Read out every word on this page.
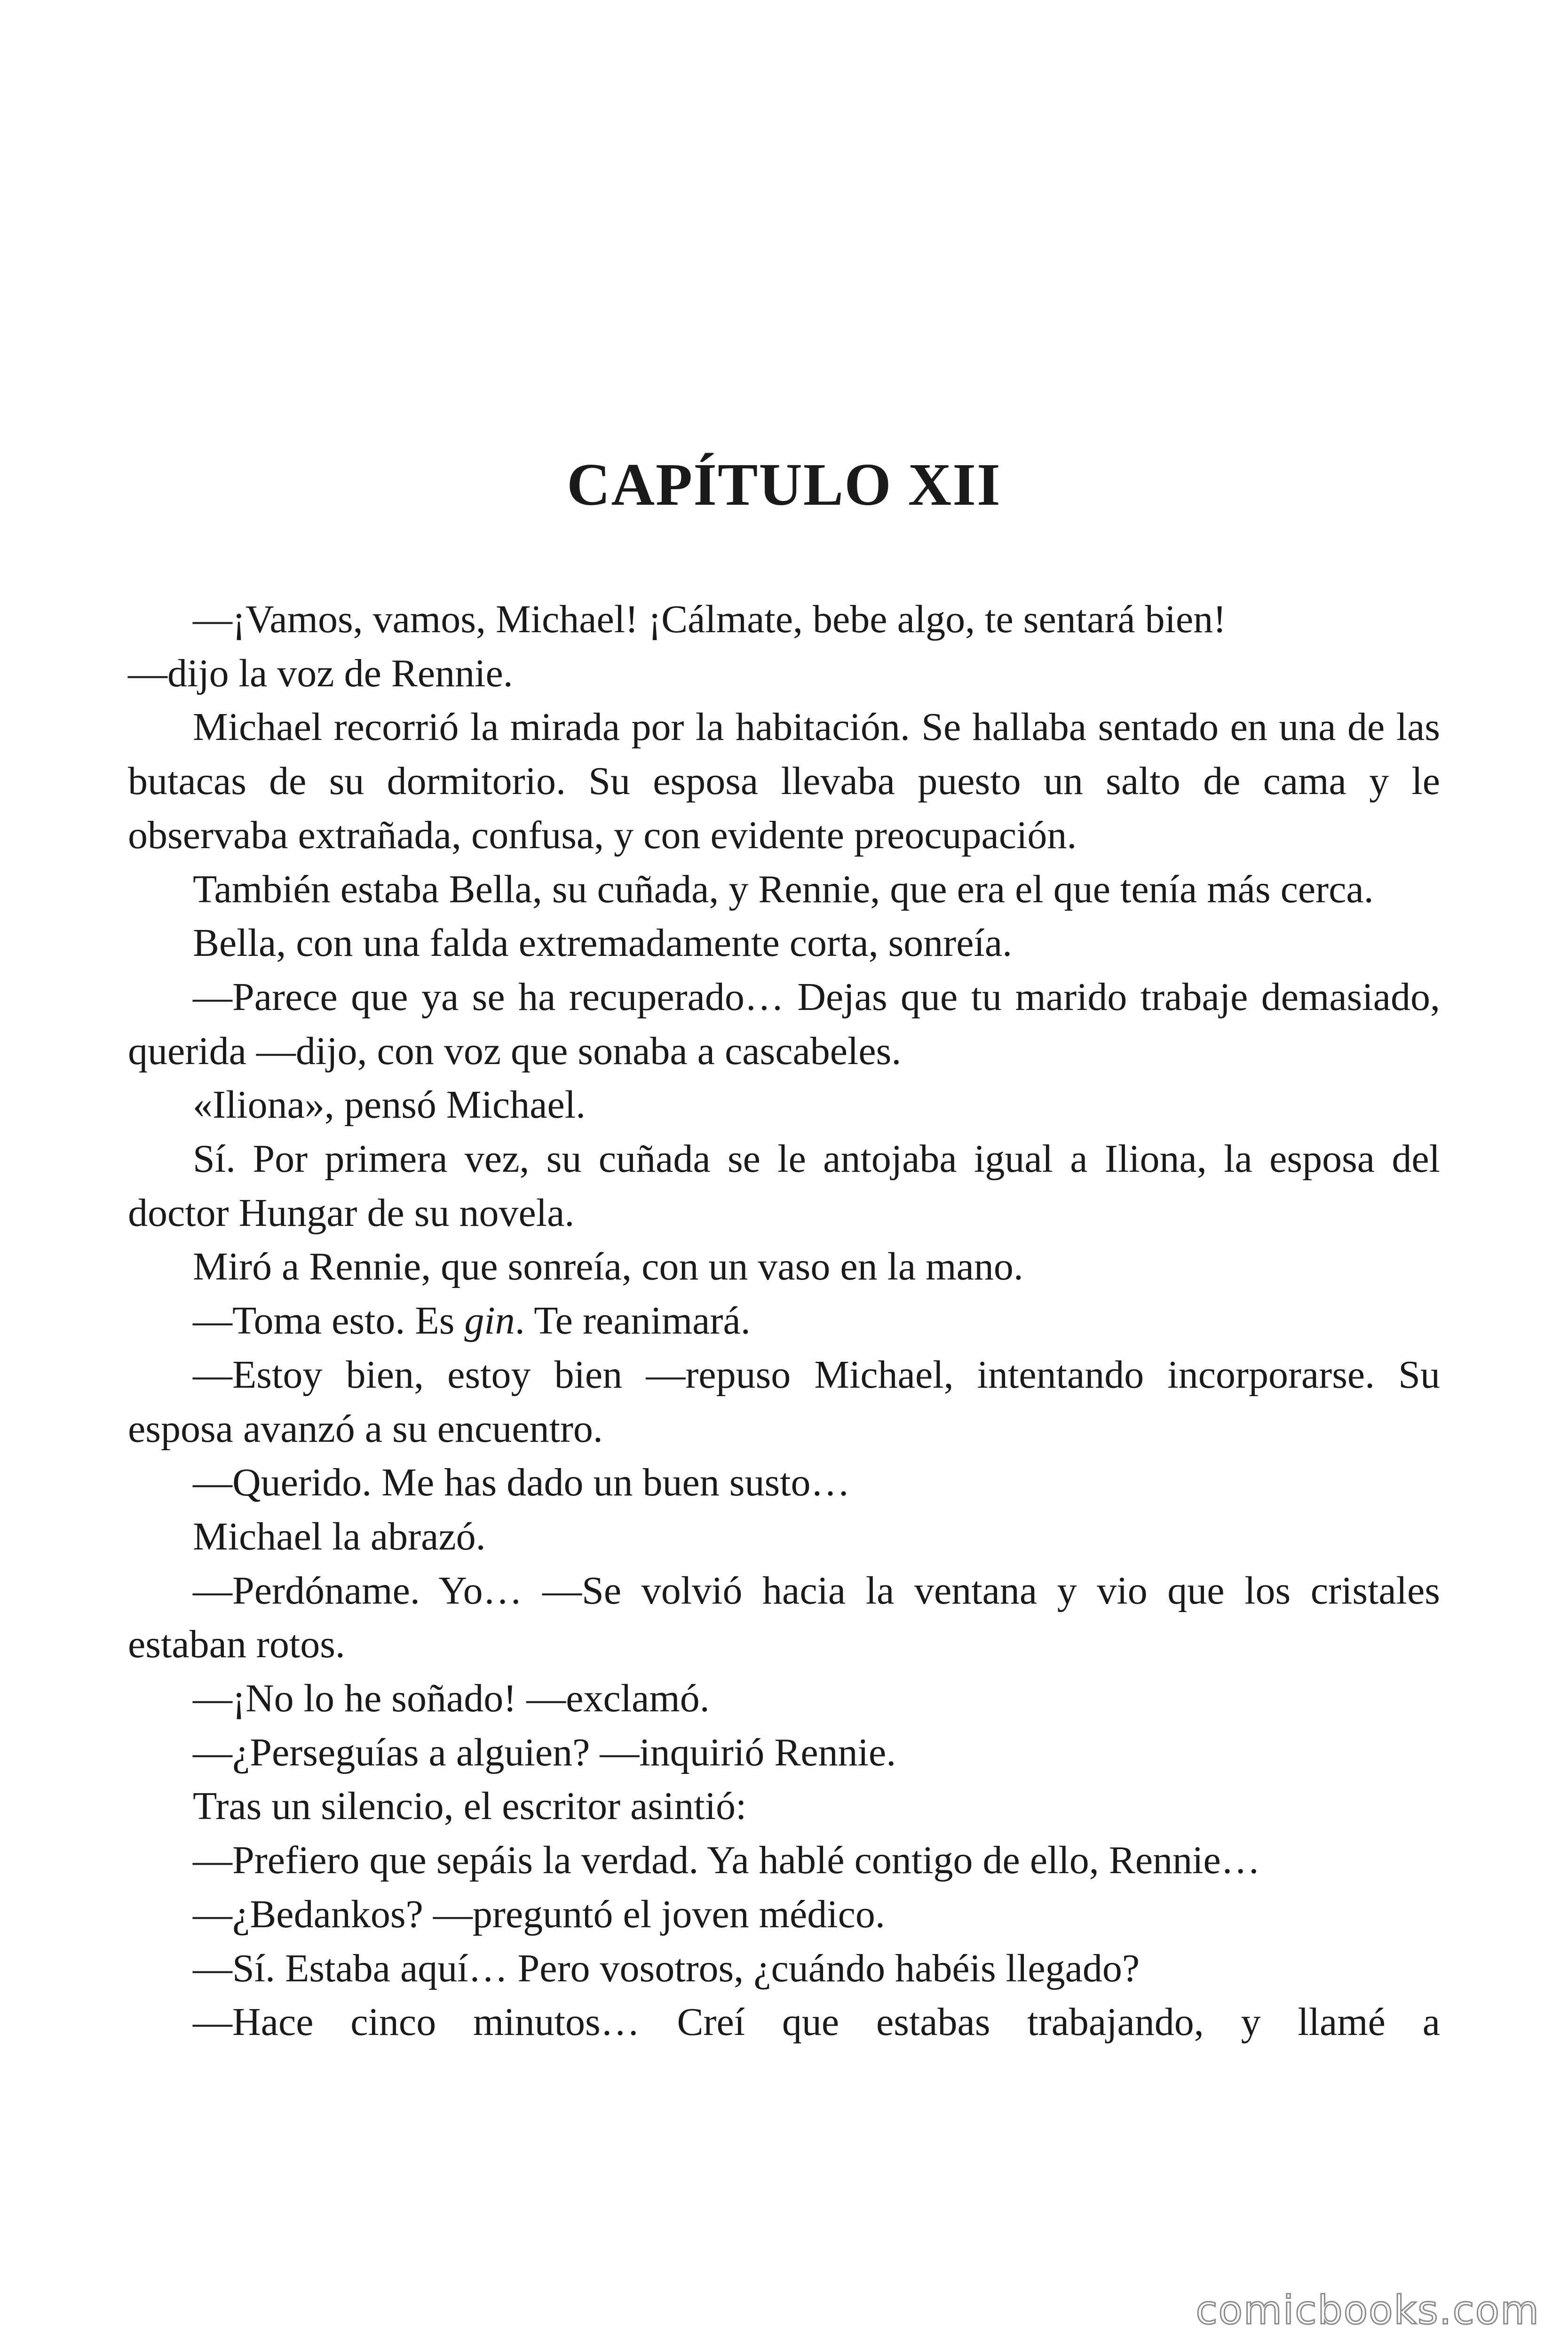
CAPÍTULO XII

—¡Vamos, vamos, Michael! ¡Cálmate, bebe algo, te sentará bien!

—dijo la voz de Rennie.

Michael recorrió la mirada por la habitación. Se hallaba sentado en una de las butacas de su dormitorio. Su esposa llevaba puesto un salto de cama y le observaba extrañada, confusa, y con evidente preocupación.

También estaba Bella, su cuñada, y Rennie, que era el que tenía más cerca.

Bella, con una falda extremadamente corta, sonreía.

—Parece que ya se ha recuperado… Dejas que tu marido trabaje demasiado, querida —dijo, con voz que sonaba a cascabeles.

«Iliona», pensó Michael.

Sí. Por primera vez, su cuñada se le antojaba igual a Iliona, la esposa del doctor Hungar de su novela.

Miró a Rennie, que sonreía, con un vaso en la mano.

—Toma esto. Es gin. Te reanimará.

—Estoy bien, estoy bien —repuso Michael, intentando incorporarse. Su esposa avanzó a su encuentro.

—Querido. Me has dado un buen susto…

Michael la abrazó.

—Perdóname. Yo… —Se volvió hacia la ventana y vio que los cristales estaban rotos.

—¡No lo he soñado! —exclamó.

—¿Perseguías a alguien? —inquirió Rennie.

Tras un silencio, el escritor asintió:

—Prefiero que sepáis la verdad. Ya hablé contigo de ello, Rennie…

—¿Bedankos? —preguntó el joven médico.

—Sí. Estaba aquí… Pero vosotros, ¿cuándo habéis llegado?

—Hace cinco minutos… Creí que estabas trabajando, y llamé a

comicbooks.com
